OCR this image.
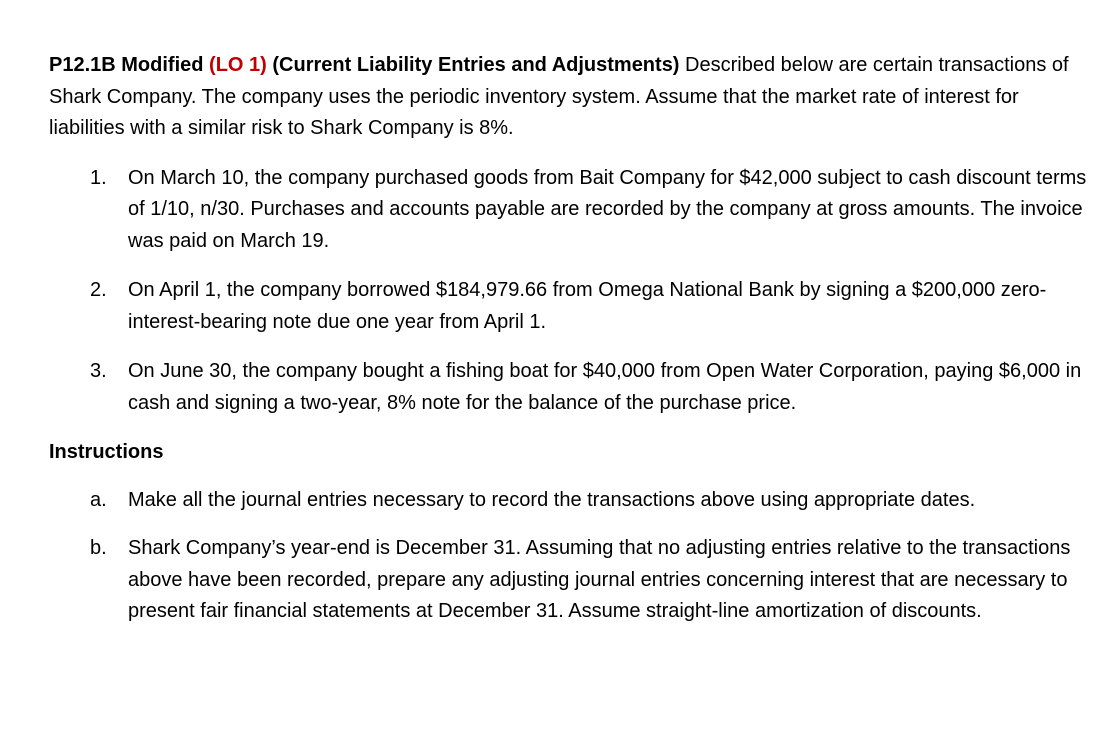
P12.1B Modified (LO 1) (Current Liability Entries and Adjustments) Described below are certain transactions of Shark Company. The company uses the periodic inventory system. Assume that the market rate of interest for liabilities with a similar risk to Shark Company is 8%.

1. On March 10, the company purchased goods from Bait Company for $42,000 subject to cash discount terms of 1/10, n/30. Purchases and accounts payable are recorded by the company at gross amounts. The invoice was paid on March 19.
2. On April 1, the company borrowed $184,979.66 from Omega National Bank by signing a $200,000 zero-interest-bearing note due one year from April 1.
3. On June 30, the company bought a fishing boat for $40,000 from Open Water Corporation, paying $6,000 in cash and signing a two-year, 8% note for the balance of the purchase price.

Instructions

a. Make all the journal entries necessary to record the transactions above using appropriate dates.
b. Shark Company’s year-end is December 31. Assuming that no adjusting entries relative to the transactions above have been recorded, prepare any adjusting journal entries concerning interest that are necessary to present fair financial statements at December 31. Assume straight-line amortization of discounts.
